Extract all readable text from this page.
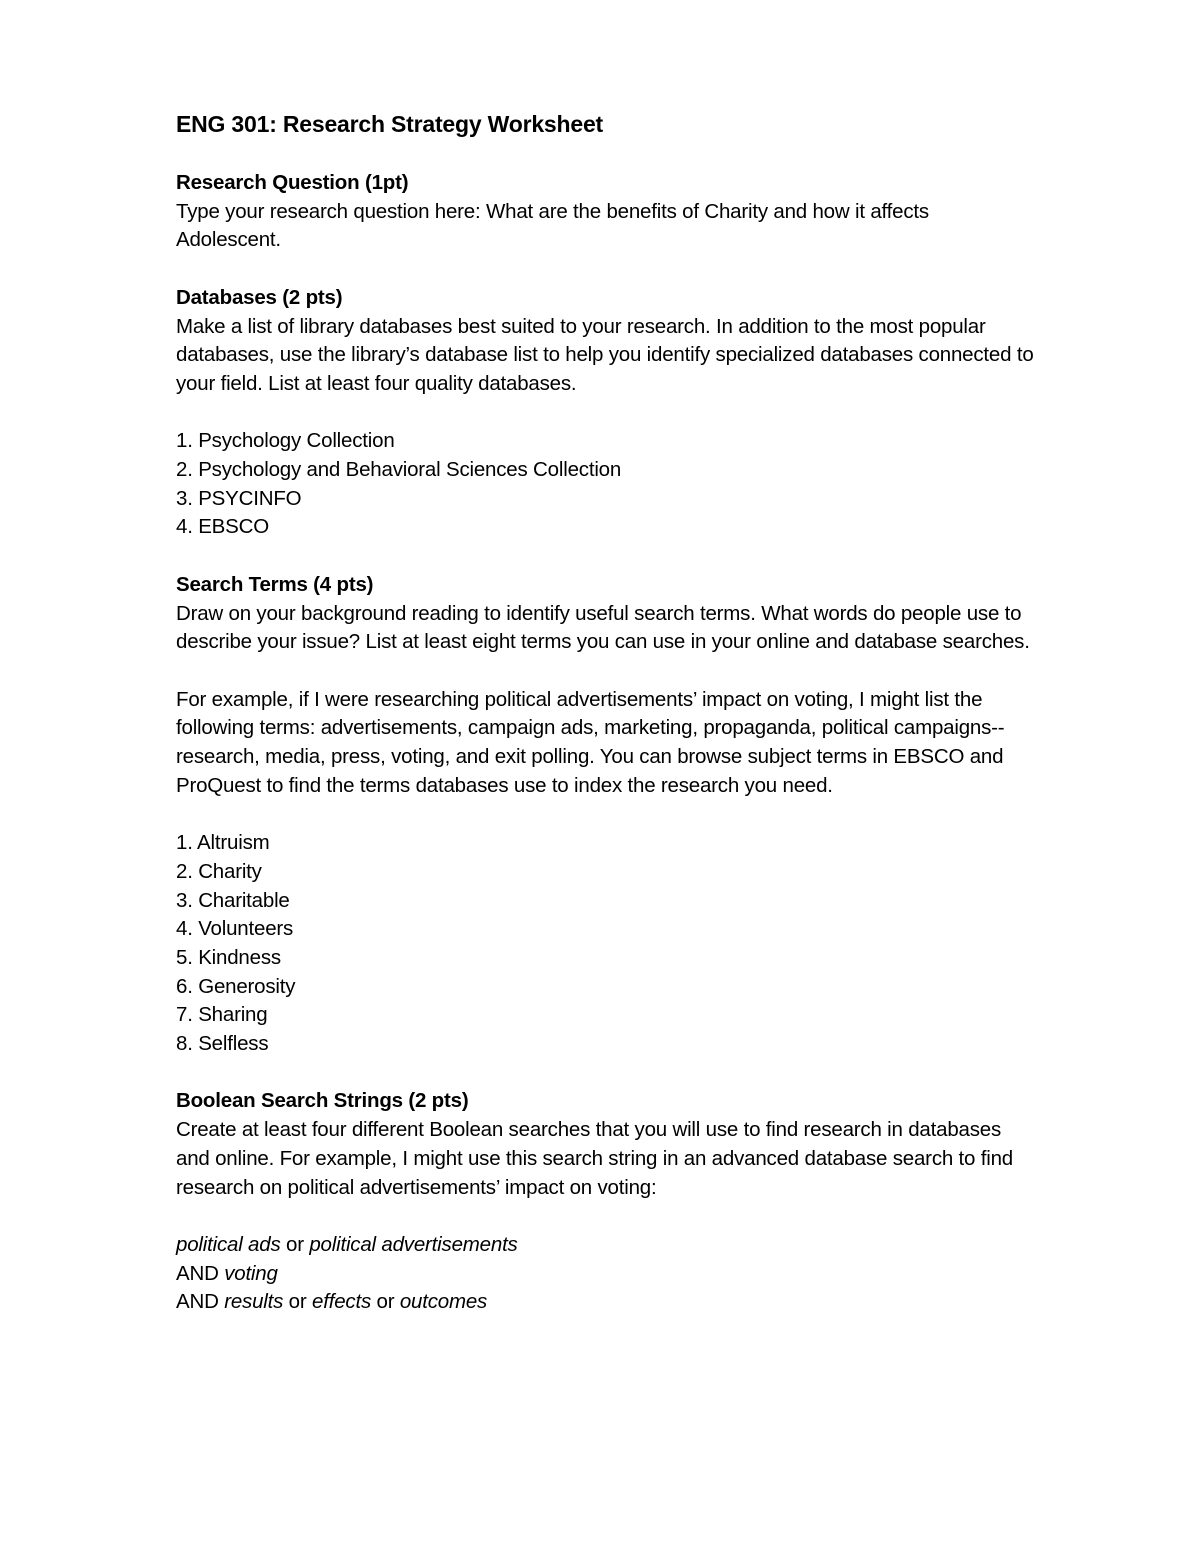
ENG 301: Research Strategy Worksheet

Research Question (1pt)

Type your research question here: What are the benefits of Charity and how it affects Adolescent.

Databases (2 pts)

Make a list of library databases best suited to your research. In addition to the most popular databases, use the library’s database list to help you identify specialized databases connected to your field. List at least four quality databases.

1. Psychology Collection
2. Psychology and Behavioral Sciences Collection
3. PSYCINFO
4. EBSCO

Search Terms (4 pts)

Draw on your background reading to identify useful search terms. What words do people use to describe your issue? List at least eight terms you can use in your online and database searches.

For example, if I were researching political advertisements’ impact on voting, I might list the following terms: advertisements, campaign ads, marketing, propaganda, political campaigns--research, media, press, voting, and exit polling. You can browse subject terms in EBSCO and ProQuest to find the terms databases use to index the research you need.

1. Altruism
2. Charity
3. Charitable
4. Volunteers
5. Kindness
6. Generosity
7. Sharing
8. Selfless

Boolean Search Strings (2 pts)

Create at least four different Boolean searches that you will use to find research in databases and online. For example, I might use this search string in an advanced database search to find research on political advertisements’ impact on voting:

political ads or political advertisements

AND voting

AND results or effects or outcomes
